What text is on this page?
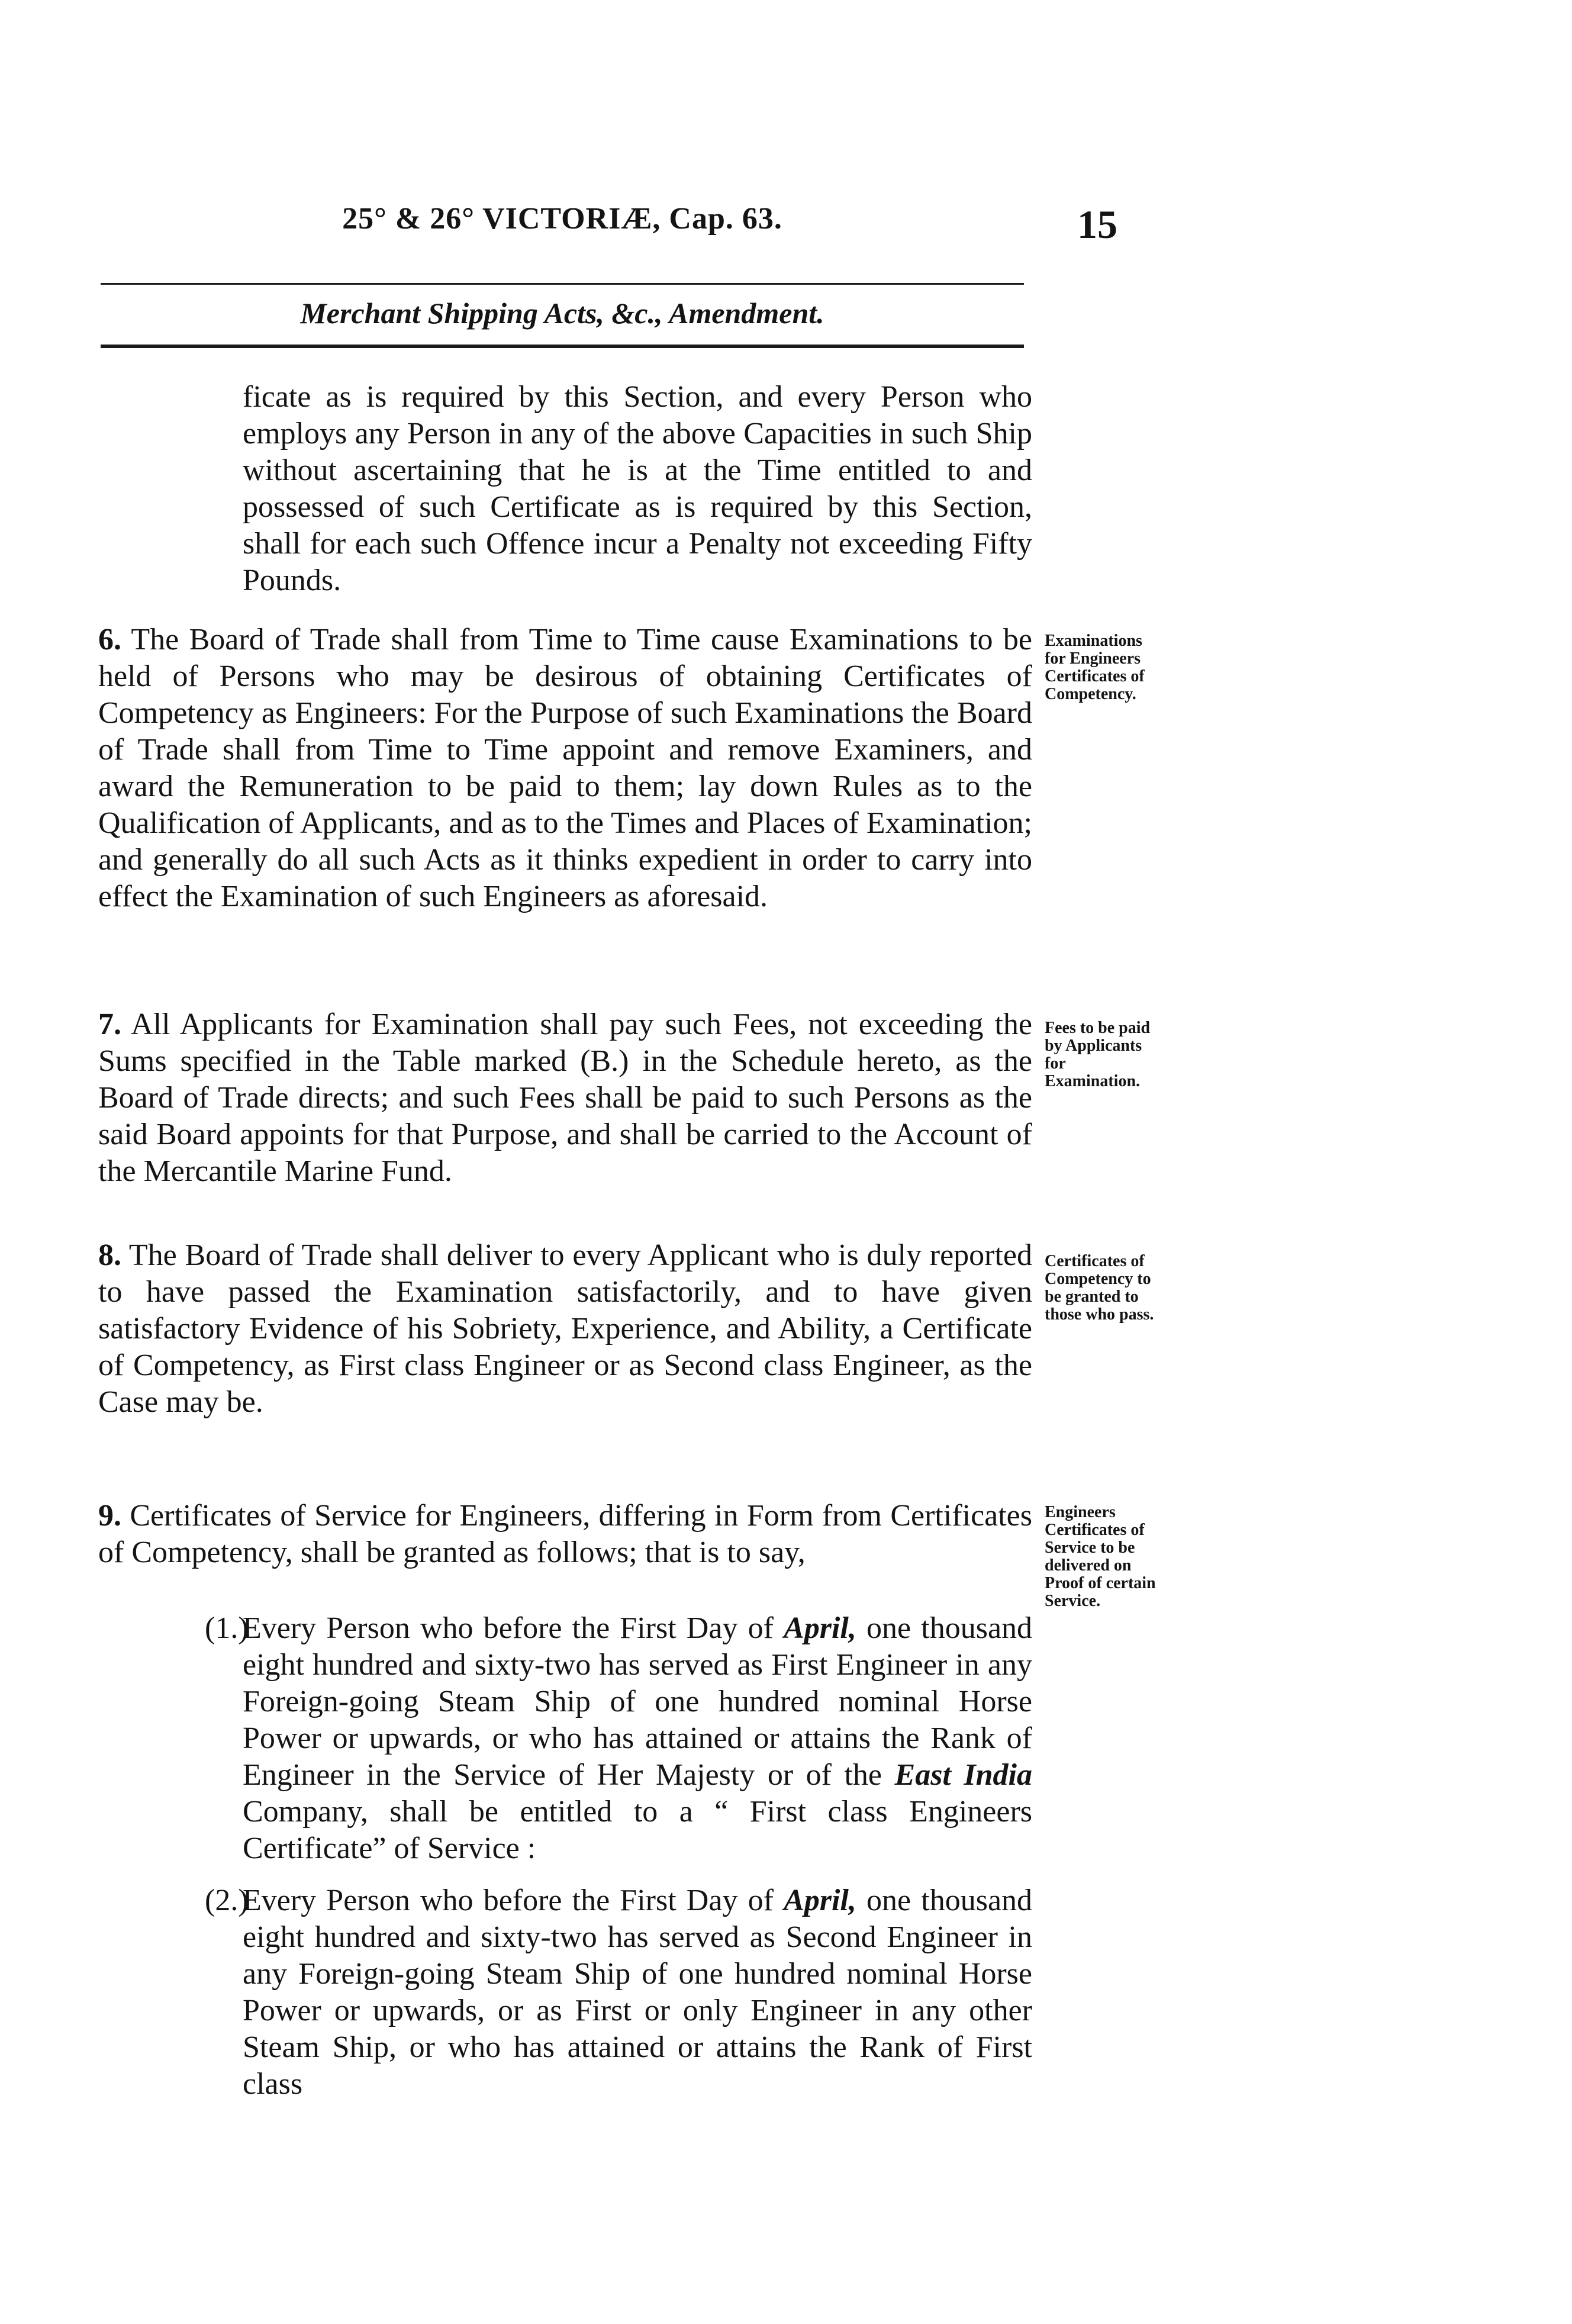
25° & 26° VICTORIÆ, Cap. 63.	15
Merchant Shipping Acts, &c., Amendment.
ficate as is required by this Section, and every Person who employs any Person in any of the above Capacities in such Ship without ascertaining that he is at the Time entitled to and possessed of such Certificate as is required by this Section, shall for each such Offence incur a Penalty not exceeding Fifty Pounds.

6. The Board of Trade shall from Time to Time cause Examinations to be held of Persons who may be desirous of obtaining Certificates of Competency as Engineers: For the Purpose of such Examinations the Board of Trade shall from Time to Time appoint and remove Examiners, and award the Remuneration to be paid to them; lay down Rules as to the Qualification of Applicants, and as to the Times and Places of Examination; and generally do all such Acts as it thinks expedient in order to carry into effect the Examination of such Engineers as aforesaid.

Examinations for Engineers Certificates of Competency.

7. All Applicants for Examination shall pay such Fees, not exceeding the Sums specified in the Table marked (B.) in the Schedule hereto, as the Board of Trade directs; and such Fees shall be paid to such Persons as the said Board appoints for that Purpose, and shall be carried to the Account of the Mercantile Marine Fund.

Fees to be paid by Applicants for Examination.

8. The Board of Trade shall deliver to every Applicant who is duly reported to have passed the Examination satisfactorily, and to have given satisfactory Evidence of his Sobriety, Experience, and Ability, a Certificate of Competency, as First class Engineer or as Second class Engineer, as the Case may be.

Certificates of Competency to be granted to those who pass.

9. Certificates of Service for Engineers, differing in Form from Certificates of Competency, shall be granted as follows; that is to say,

Engineers Certificates of Service to be delivered on Proof of certain Service.
(1.)
Every Person who before the First Day of April, one thousand eight hundred and sixty-two has served as First Engineer in any Foreign-going Steam Ship of one hundred nominal Horse Power or upwards, or who has attained or attains the Rank of Engineer in the Service of Her Majesty or of the East India Company, shall be entitled to a “ First class Engineers Certificate” of Service :
(2.)
Every Person who before the First Day of April, one thousand eight hundred and sixty-two has served as Second Engineer in any Foreign-going Steam Ship of one hundred nominal Horse Power or upwards, or as First or only Engineer in any other Steam Ship, or who has attained or attains the Rank of First class
